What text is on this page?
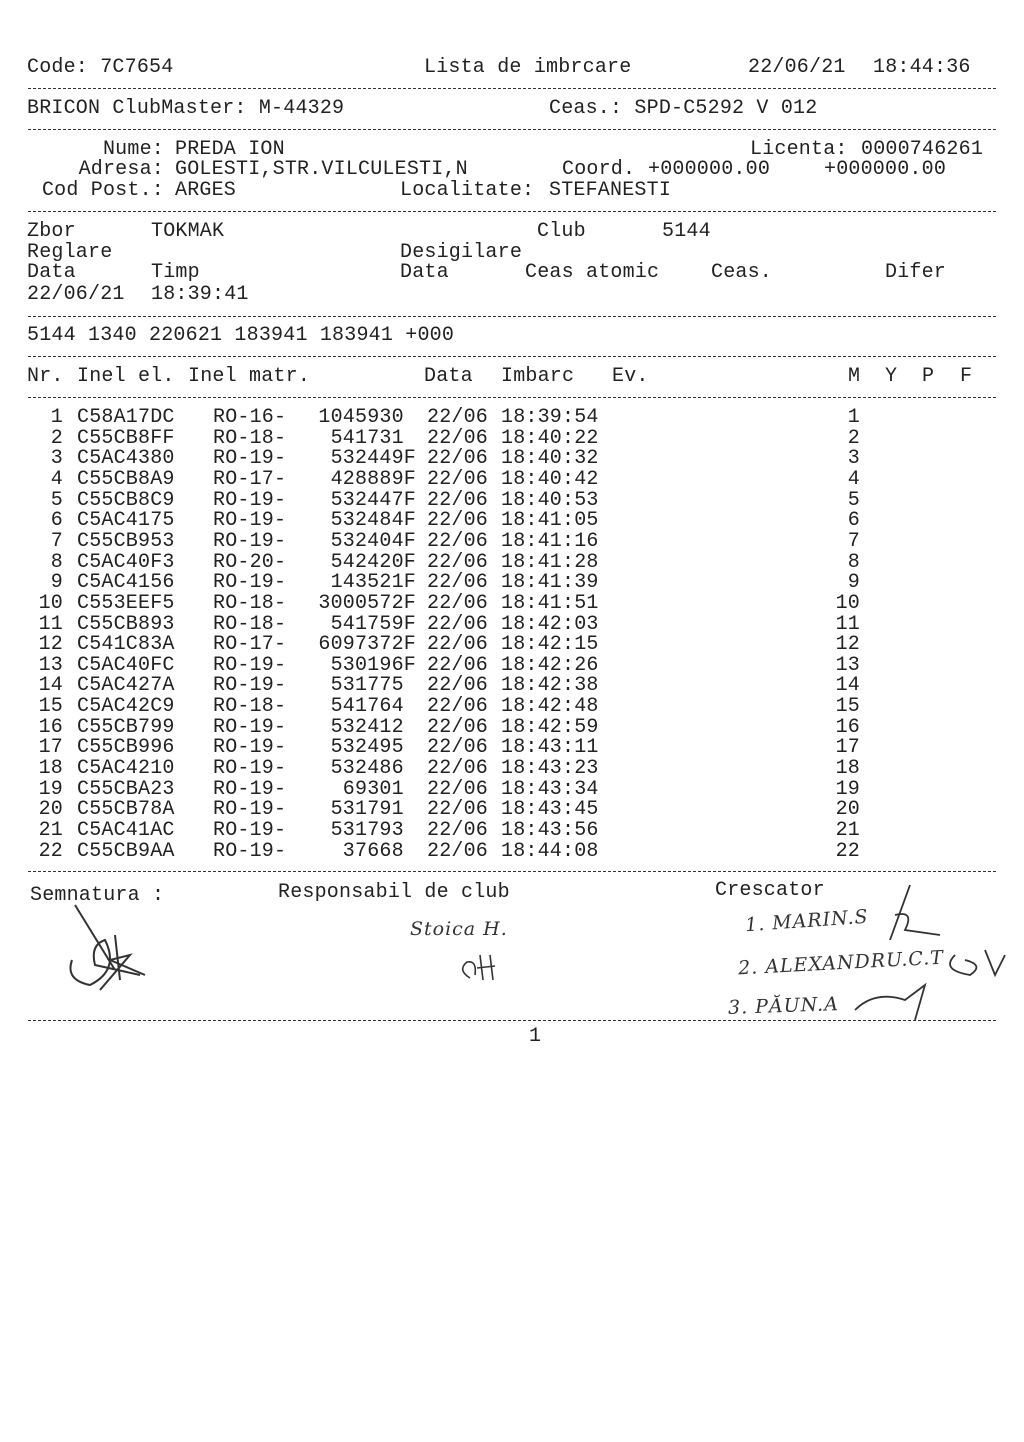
Code: 7C7654	Lista de imbrcare	22/06/21 18:44:36
BRICON ClubMaster: M-44329	Ceas.: SPD-C5292 V 012
Nume: PREDA ION	Licenta: 0000746261
Adresa: GOLESTI,STR.VILCULESTI,N	Coord. +000000.00	+000000.00
Cod Post.: ARGES	Localitate: STEFANESTI
Zbor	TOKMAK	Club	5144
Reglare	Desigilare
Data	Timp	Data	Ceas atomic	Ceas.	Difer
22/06/21 18:39:41
5144 1340 220621 183941 183941 +000
Nr. Inel el. Inel matr.	Data Imbarc Ev.	M Y P F
1 C58A17DC RO-16- 1045930 22/06 18:39:54	1
2 C55CB8FF RO-18- 541731 22/06 18:40:22	2
3 C5AC4380 RO-19- 532449F 22/06 18:40:32	3
4 C55CB8A9 RO-17- 428889F 22/06 18:40:42	4
5 C55CB8C9 RO-19- 532447F 22/06 18:40:53	5
6 C5AC4175 RO-19- 532484F 22/06 18:41:05	6
7 C55CB953 RO-19- 532404F 22/06 18:41:16	7
8 C5AC40F3 RO-20- 542420F 22/06 18:41:28	8
9 C5AC4156 RO-19- 143521F 22/06 18:41:39	9
10 C553EEF5 RO-18- 3000572F 22/06 18:41:51	10
11 C55CB893 RO-18- 541759F 22/06 18:42:03	11
12 C541C83A RO-17- 6097372F 22/06 18:42:15	12
13 C5AC40FC RO-19- 530196F 22/06 18:42:26	13
14 C5AC427A RO-19- 531775 22/06 18:42:38	14
15 C5AC42C9 RO-18- 541764 22/06 18:42:48	15
16 C55CB799 RO-19- 532412 22/06 18:42:59	16
17 C55CB996 RO-19- 532495 22/06 18:43:11	17
18 C5AC4210 RO-19- 532486 22/06 18:43:23	18
19 C55CBA23 RO-19-	69301 22/06 18:43:34	19
20 C55CB78A RO-19- 531791 22/06 18:43:45	20
21 C5AC41AC RO-19- 531793 22/06 18:43:56	21
22 C55CB9AA RO-19-	37668 22/06 18:44:08	22
Semnatura :	Responsabil de club	Crescator
Stoica H.	1. MARIN.S
2. ALEXANDRU.C.T
3. PĂUN.A
1
